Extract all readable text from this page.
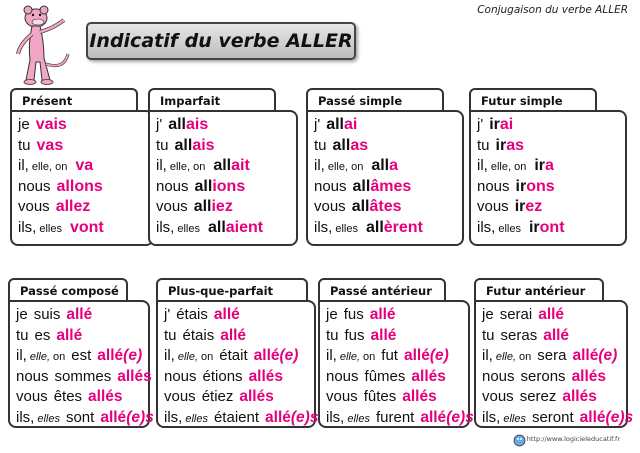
Conjugaison du verbe ALLER
Indicatif du verbe ALLER
je vais
tu vas
il, elle, on va
nous allons
vous allez
ils, elles vont
Présent
j' allais
tu allais
il, elle, on allait
nous allions
vous alliez
ils, elles allaient
Imparfait
j' allai
tu allas
il, elle, on alla
nous allâmes
vous allâtes
ils, elles allèrent
Passé simple
j' irai
tu iras
il, elle, on ira
nous irons
vous irez
ils, elles iront
Futur simple
je suis allé
tu es allé
il, elle, on est allé(e)
nous sommes allés
vous êtes allés
ils, elles sont allé(e)s
Passé composé
j' étais allé
tu étais allé
il, elle, on était allé(e)
nous étions allés
vous étiez allés
ils, elles étaient allé(e)s
Plus-que-parfait
je fus allé
tu fus allé
il, elle, on fut allé(e)
nous fûmes allés
vous fûtes allés
ils, elles furent allé(e)s
Passé antérieur
je serai allé
tu seras allé
il, elle, on sera allé(e)
nous serons allés
vous serez allés
ils, elles seront allé(e)s
Futur antérieur
http://www.logicieleducatif.fr
